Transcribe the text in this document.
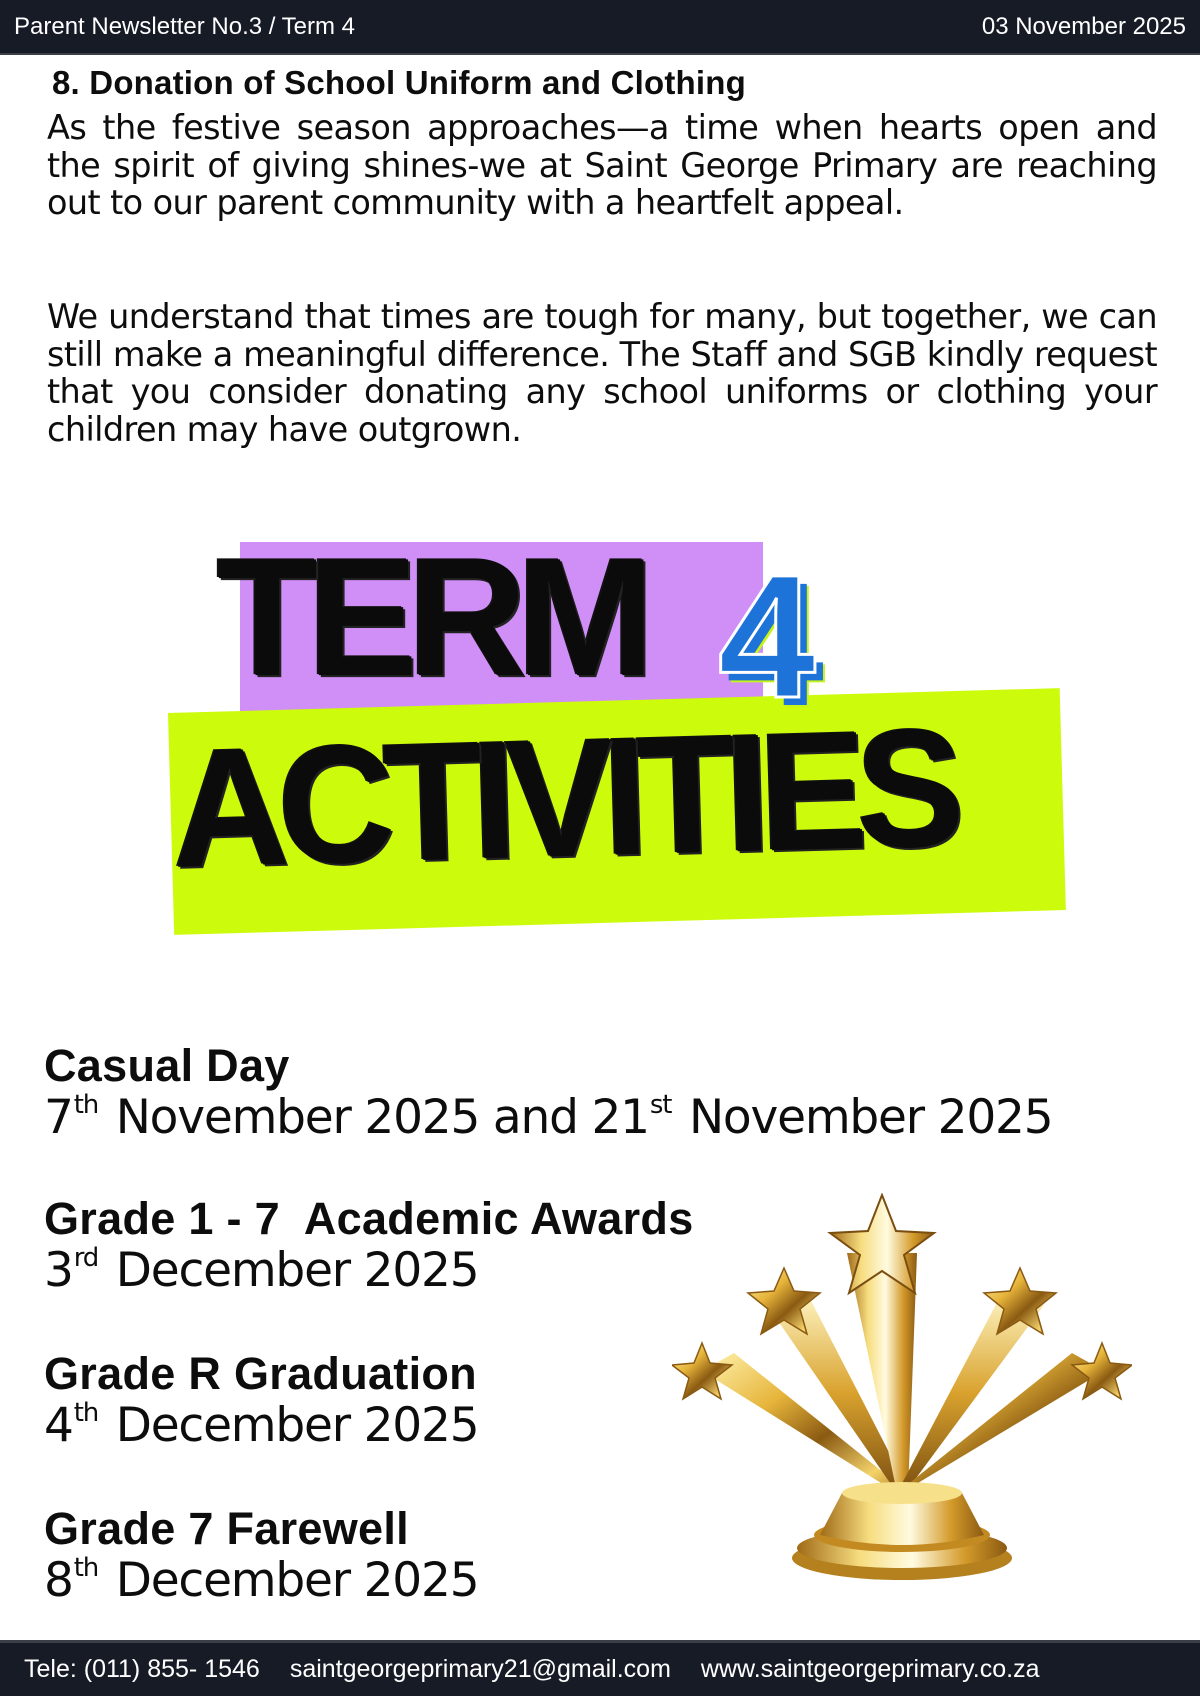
Parent Newsletter No.3 / Term 4	03 November 2025
8. Donation of School Uniform and Clothing

As the festive season approaches—a time when hearts open and the spirit of giving shines-we at Saint George Primary are reaching out to our parent community with a heartfelt appeal.

We understand that times are tough for many, but together, we can still make a meaningful difference. The Staff and SGB kindly request that you consider donating any school uniforms or clothing your children may have outgrown.

TERM 4
ACTIVITIES

Casual Day

7th November 2025 and 21st November 2025

Grade 1 - 7  Academic Awards

3rd December 2025

Grade R Graduation

4th December 2025

Grade 7 Farewell

8th December 2025

Tele: (011) 855- 1546 saintgeorgeprimary21@gmail.com www.saintgeorgeprimary.co.za
